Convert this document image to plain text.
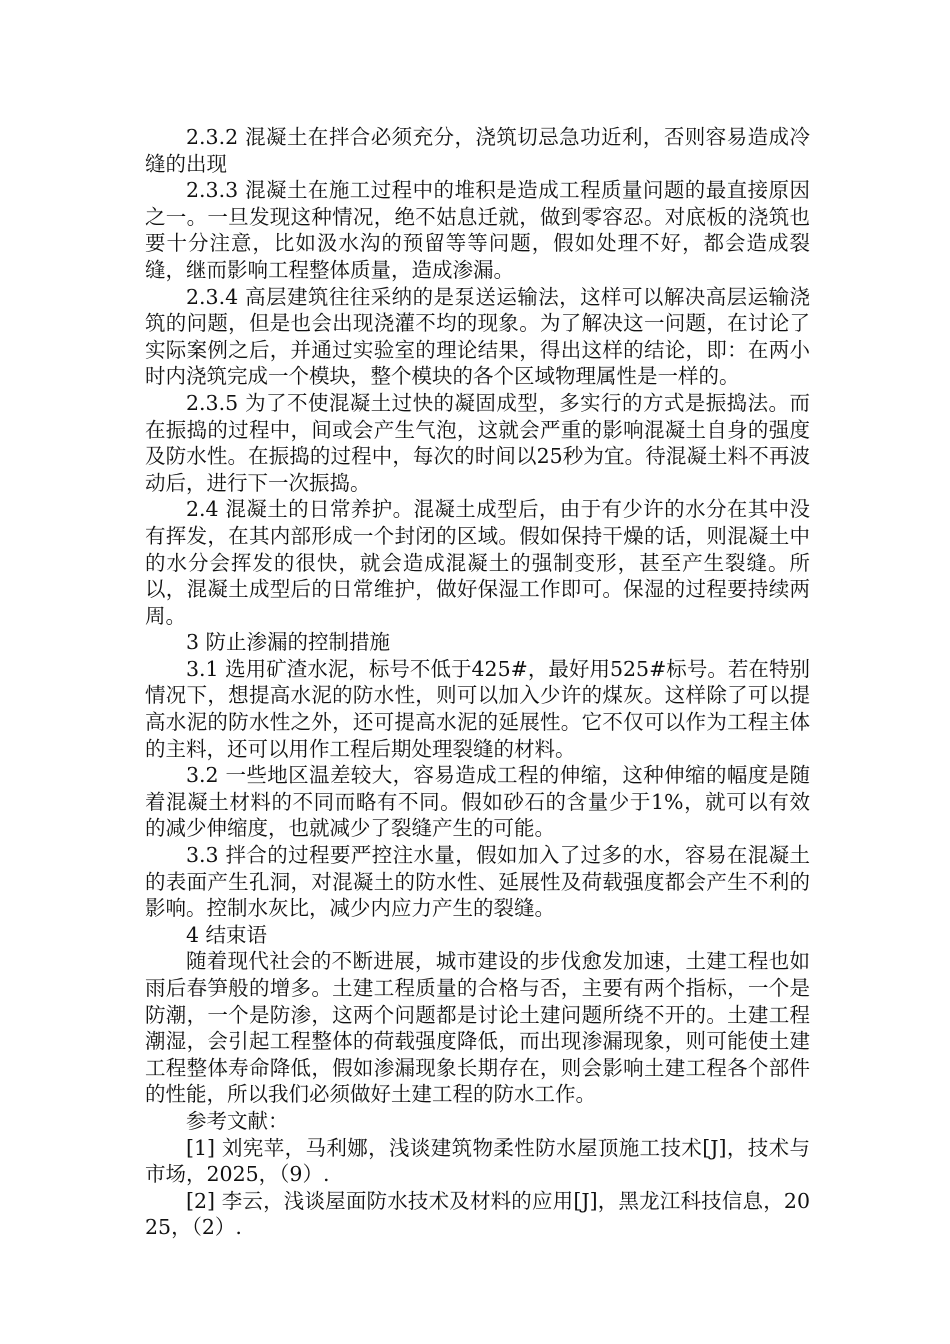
2.3.2 混凝土在拌合必须充分，浇筑切忌急功近利，否则容易造成冷缝的出现

2.3.3 混凝土在施工过程中的堆积是造成工程质量问题的最直接原因之一。一旦发现这种情况，绝不姑息迁就，做到零容忍。对底板的浇筑也要十分注意，比如汲水沟的预留等等问题，假如处理不好，都会造成裂缝，继而影响工程整体质量，造成渗漏。

2.3.4 高层建筑往往采纳的是泵送运输法，这样可以解决高层运输浇筑的问题，但是也会出现浇灌不均的现象。为了解决这一问题，在讨论了实际案例之后，并通过实验室的理论结果，得出这样的结论，即：在两小时内浇筑完成一个模块，整个模块的各个区域物理属性是一样的。

2.3.5 为了不使混凝土过快的凝固成型，多实行的方式是振捣法。而在振捣的过程中，间或会产生气泡，这就会严重的影响混凝土自身的强度及防水性。在振捣的过程中，每次的时间以25秒为宜。待混凝土料不再波动后，进行下一次振捣。

2.4 混凝土的日常养护。混凝土成型后，由于有少许的水分在其中没有挥发，在其内部形成一个封闭的区域。假如保持干燥的话，则混凝土中的水分会挥发的很快，就会造成混凝土的强制变形，甚至产生裂缝。所以，混凝土成型后的日常维护，做好保湿工作即可。保湿的过程要持续两周。

3 防止渗漏的控制措施

3.1 选用矿渣水泥，标号不低于425#，最好用525#标号。若在特别情况下，想提高水泥的防水性，则可以加入少许的煤灰。这样除了可以提高水泥的防水性之外，还可提高水泥的延展性。它不仅可以作为工程主体的主料，还可以用作工程后期处理裂缝的材料。

3.2 一些地区温差较大，容易造成工程的伸缩，这种伸缩的幅度是随着混凝土材料的不同而略有不同。假如砂石的含量少于1%，就可以有效的减少伸缩度，也就减少了裂缝产生的可能。

3.3 拌合的过程要严控注水量，假如加入了过多的水，容易在混凝土的表面产生孔洞，对混凝土的防水性、延展性及荷载强度都会产生不利的影响。控制水灰比，减少内应力产生的裂缝。

4 结束语

随着现代社会的不断进展，城市建设的步伐愈发加速，土建工程也如雨后春笋般的增多。土建工程质量的合格与否，主要有两个指标，一个是防潮，一个是防渗，这两个问题都是讨论土建问题所绕不开的。土建工程潮湿，会引起工程整体的荷载强度降低，而出现渗漏现象，则可能使土建工程整体寿命降低，假如渗漏现象长期存在，则会影响土建工程各个部件的性能，所以我们必须做好土建工程的防水工作。

参考文献：

[1] 刘宪苹，马利娜，浅谈建筑物柔性防水屋顶施工技术[J]，技术与市场，2025，（9）.

[2] 李云，浅谈屋面防水技术及材料的应用[J]，黑龙江科技信息，2025，（2）.
